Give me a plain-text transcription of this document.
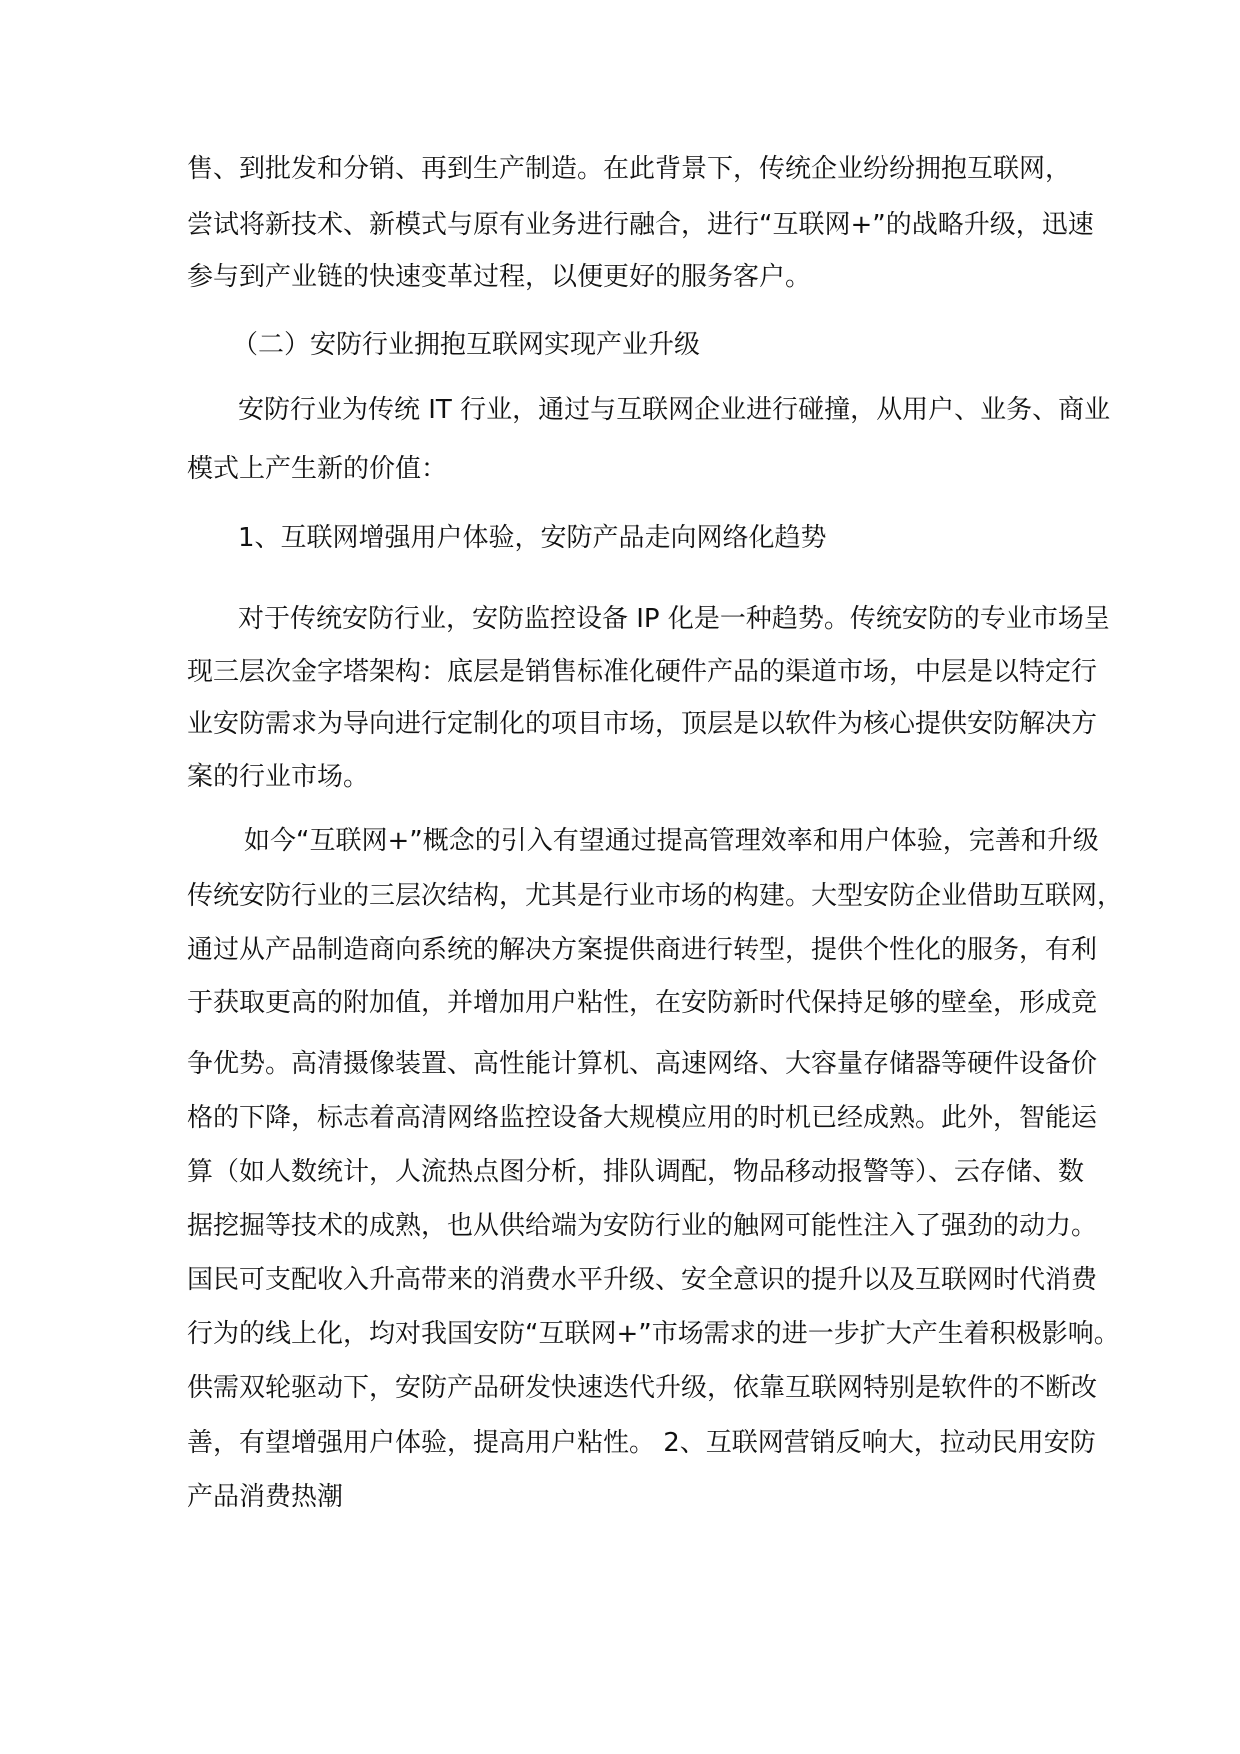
售、到批发和分销、再到生产制造。在此背景下，传统企业纷纷拥抱互联网，
尝试将新技术、新模式与原有业务进行融合，进行“互联网+”的战略升级，迅速
参与到产业链的快速变革过程，以便更好的服务客户。
（二）安防行业拥抱互联网实现产业升级
安防行业为传统 IT 行业，通过与互联网企业进行碰撞，从用户、业务、商业
模式上产生新的价值：
1、互联网增强用户体验，安防产品走向网络化趋势
对于传统安防行业，安防监控设备 IP 化是一种趋势。传统安防的专业市场呈
现三层次金字塔架构：底层是销售标准化硬件产品的渠道市场，中层是以特定行
业安防需求为导向进行定制化的项目市场，顶层是以软件为核心提供安防解决方
案的行业市场。
如今“互联网+”概念的引入有望通过提高管理效率和用户体验，完善和升级
传统安防行业的三层次结构，尤其是行业市场的构建。大型安防企业借助互联网，
通过从产品制造商向系统的解决方案提供商进行转型，提供个性化的服务，有利
于获取更高的附加值，并增加用户粘性，在安防新时代保持足够的壁垒，形成竞
争优势。高清摄像装置、高性能计算机、高速网络、大容量存储器等硬件设备价
格的下降，标志着高清网络监控设备大规模应用的时机已经成熟。此外，智能运
算（如人数统计，人流热点图分析，排队调配，物品移动报警等）、云存储、数
据挖掘等技术的成熟，也从供给端为安防行业的触网可能性注入了强劲的动力。
国民可支配收入升高带来的消费水平升级、安全意识的提升以及互联网时代消费
行为的线上化，均对我国安防“互联网+”市场需求的进一步扩大产生着积极影响。
供需双轮驱动下，安防产品研发快速迭代升级，依靠互联网特别是软件的不断改
善，有望增强用户体验，提高用户粘性。 2、互联网营销反响大，拉动民用安防
产品消费热潮
